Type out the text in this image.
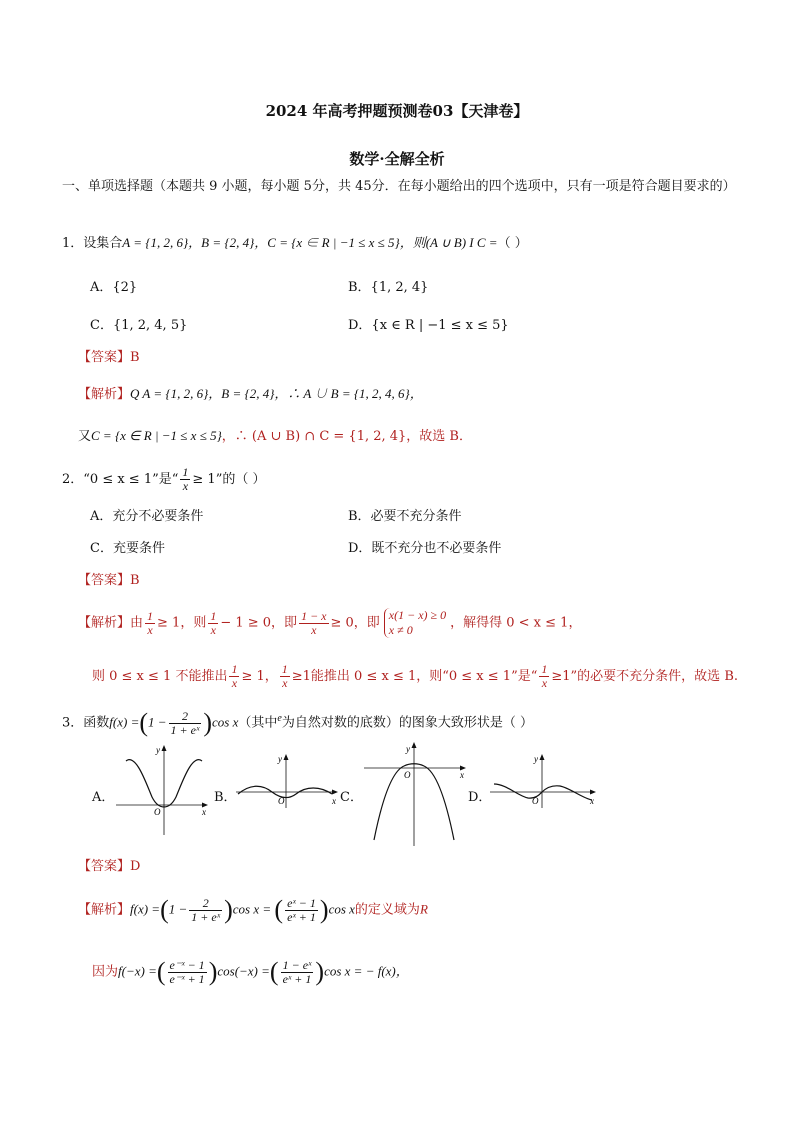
2024 年高考押题预测卷03【天津卷】
数学·全解全析
一、单项选择题（本题共 9 小题，每小题 5分，共 45分．在每小题给出的四个选项中，只有一项是符合题目要求的）
1．设集合A = {1, 2, 6}，B = {2, 4}，C = {x ∈ R | −1 ≤ x ≤ 5}，则(A ∪ B) I C =（ ）
A．{2}	B．{1, 2, 4}
C．{1, 2, 4, 5}	D．{x ∈ R | −1 ≤ x ≤ 5}
【答案】B
【解析】Q A = {1, 2, 6}，B = {2, 4}，∴ A ∪ B = {1, 2, 4, 6}，
又C = {x ∈ R | −1 ≤ x ≤ 5}，∴ (A ∪ B) ∩ C = {1, 2, 4}，故选 B．
2．“0 ≤ x ≤ 1”是“ $\frac{1}{x} \ge 1$”的（ ）
A．充分不必要条件	B．必要不充分条件
C．充要条件	D．既不充分也不必要条件
【答案】B
【解析】由 $\frac{1}{x} \ge 1$，则 $\frac{1}{x} - 1 \ge 0$，即 $\frac{1 - x}{x} \ge 0$，即
x(1 − x) ≥ 0
x ≠ 0	，解得得 0 < x ≤ 1，
则 0 ≤ x ≤ 1 不能推出 $\frac{1}{x} \ge 1$， $\frac{1}{x} \ge 1$能推出 0 ≤ x ≤ 1，则“0 ≤ x ≤ 1”是“ $\frac{1}{x} \ge 1$”的必要不充分条件，故选 B.
3．函数$f(x) =(1 - \frac{2}{\text{1 + eˣ}} )\cos$ x（其中$^e$为自然对数的底数）的图象大致形状是（ ）
A．
x
y
O
B．	x
y
O	C．
x
y
O
D．	x
y
O
【答案】D
【解析】$f(x) =(1 - \frac{2}{\text{1 + eˣ}} )\cos$ x = ( $\frac{\text{eˣ − 1}}{\text{eˣ + 1}} )\cos$ x的定义域为R
因为f(−x) =( $\frac{\text{e⁻ˣ − 1}}{\text{e⁻ˣ + 1}} )\cos(-x)$ =( $\frac{\text{1 − eˣ}}{\text{eˣ + 1}} )\cos$ x = − f(x)，
